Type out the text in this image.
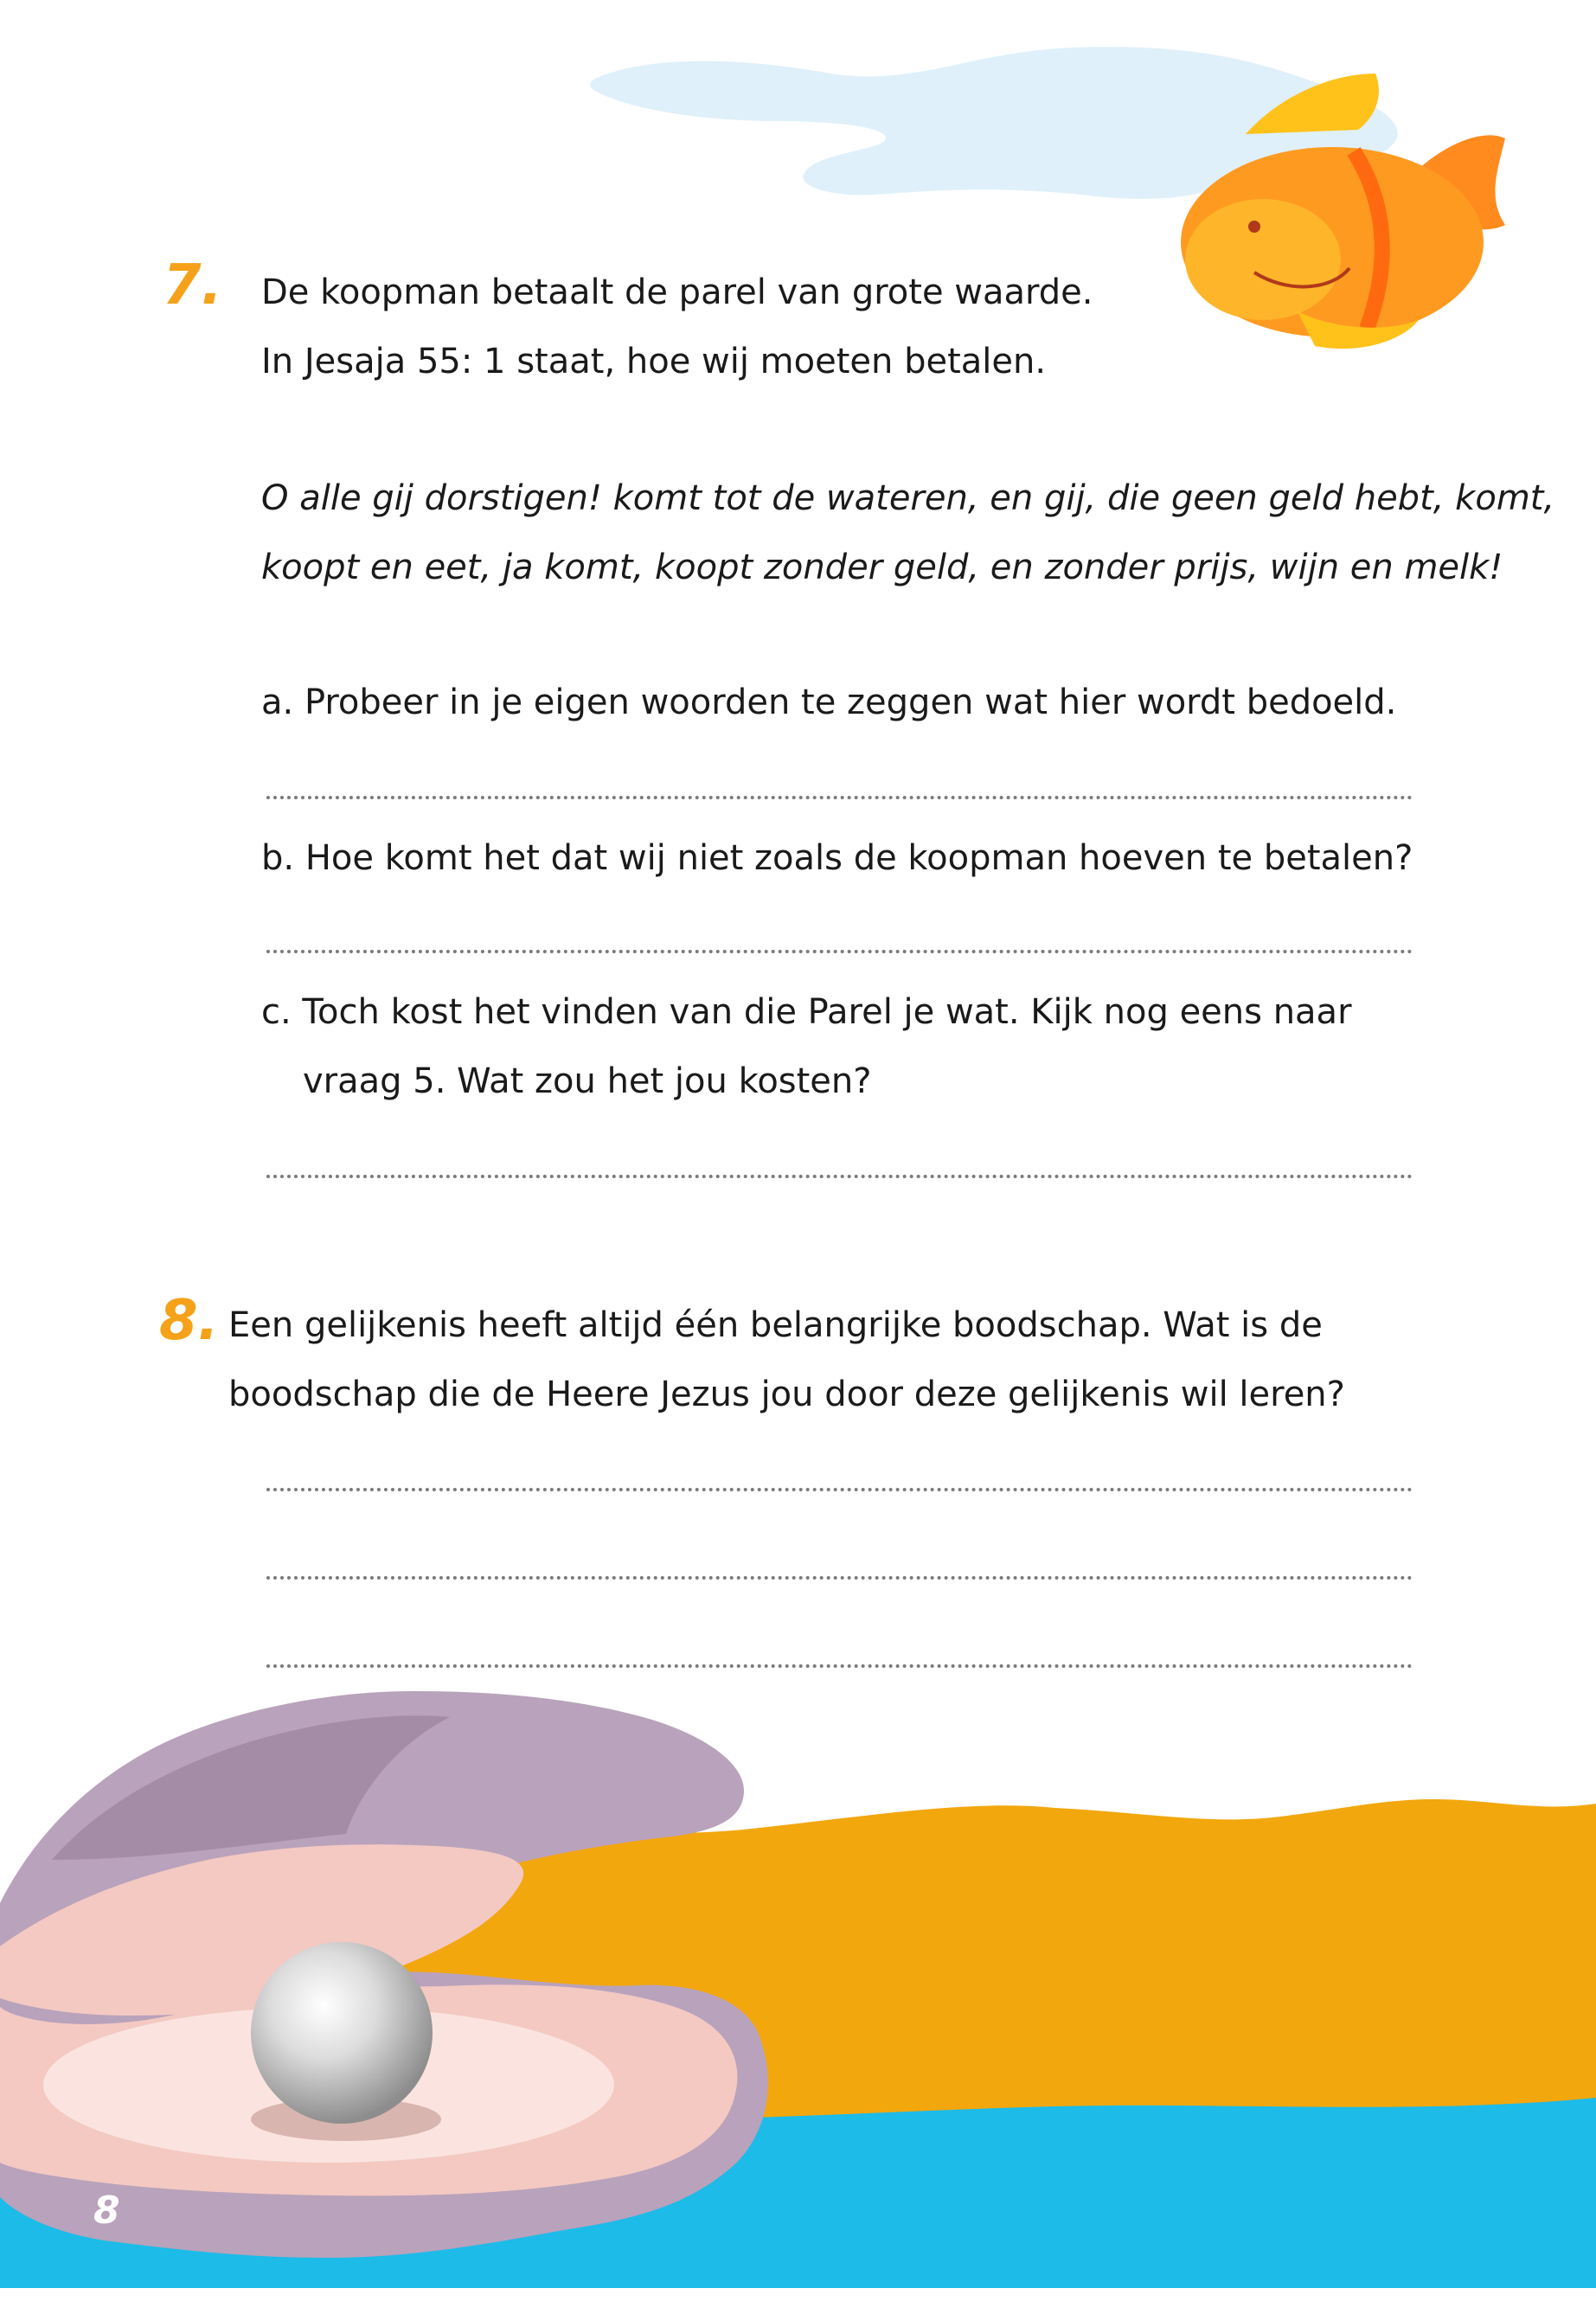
7. De koopman betaalt de parel van grote waarde.
In Jesaja 55: 1 staat, hoe wij moeten betalen.
O alle gij dorstigen! komt tot de wateren, en gij, die geen geld hebt, komt,
koopt en eet, ja komt, koopt zonder geld, en zonder prijs, wijn en melk!
a. Probeer in je eigen woorden te zeggen wat hier wordt bedoeld.
b. Hoe komt het dat wij niet zoals de koopman hoeven te betalen?
c. Toch kost het vinden van die Parel je wat. Kijk nog eens naar
vraag 5. Wat zou het jou kosten?
8. Een gelijkenis heeft altijd één belangrijke boodschap. Wat is de
boodschap die de Heere Jezus jou door deze gelijkenis wil leren?
8
